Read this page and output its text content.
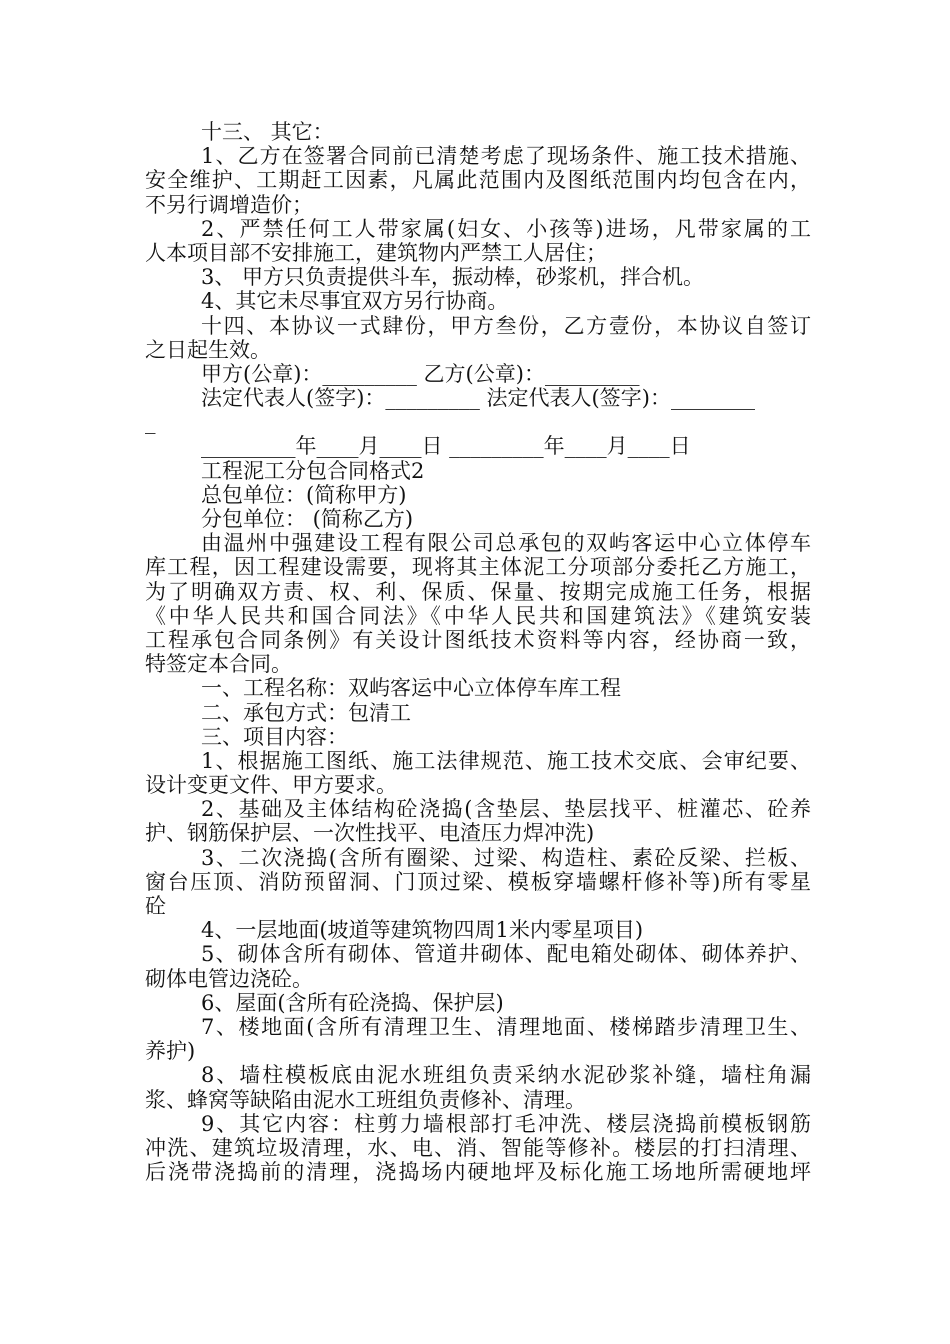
十三、 其它：
1、乙方在签署合同前已清楚考虑了现场条件、施工技术措施、
安全维护、工期赶工因素，凡属此范围内及图纸范围内均包含在内，
不另行调增造价；
2、严禁任何工人带家属(妇女、小孩等)进场，凡带家属的工
人本项目部不安排施工，建筑物内严禁工人居住；
3、 甲方只负责提供斗车，振动棒，砂浆机，拌合机。
4、其它未尽事宜双方另行协商。
十四、本协议一式肆份，甲方叁份，乙方壹份，本协议自签订
之日起生效。
甲方(公章)：_________ 乙方(公章)：_________
法定代表人(签字)：_________ 法定代表人(签字)：________
_
_________年____月____日 _________年____月____日
工程泥工分包合同格式2
总包单位：(简称甲方)
分包单位： (简称乙方)
由温州中强建设工程有限公司总承包的双屿客运中心立体停车
库工程，因工程建设需要，现将其主体泥工分项部分委托乙方施工，
为了明确双方责、权、利、保质、保量、按期完成施工任务，根据
《中华人民共和国合同法》《中华人民共和国建筑法》《建筑安装
工程承包合同条例》有关设计图纸技术资料等内容，经协商一致，
特签定本合同。
一、工程名称：双屿客运中心立体停车库工程
二、承包方式：包清工
三、项目内容：
1、根据施工图纸、施工法律规范、施工技术交底、会审纪要、
设计变更文件、甲方要求。
2、基础及主体结构砼浇捣(含垫层、垫层找平、桩灌芯、砼养
护、钢筋保护层、一次性找平、电渣压力焊冲洗)
3、二次浇捣(含所有圈梁、过梁、构造柱、素砼反梁、拦板、
窗台压顶、消防预留洞、门顶过梁、模板穿墙螺杆修补等)所有零星
砼
4、一层地面(坡道等建筑物四周1米内零星项目)
5、砌体含所有砌体、管道井砌体、配电箱处砌体、砌体养护、
砌体电管边浇砼。
6、屋面(含所有砼浇捣、保护层)
7、楼地面(含所有清理卫生、清理地面、楼梯踏步清理卫生、
养护)
8、墙柱模板底由泥水班组负责采纳水泥砂浆补缝，墙柱角漏
浆、蜂窝等缺陷由泥水工班组负责修补、清理。
9、其它内容：柱剪力墙根部打毛冲洗、楼层浇捣前模板钢筋
冲洗、建筑垃圾清理，水、电、消、智能等修补。楼层的打扫清理、
后浇带浇捣前的清理，浇捣场内硬地坪及标化施工场地所需硬地坪
